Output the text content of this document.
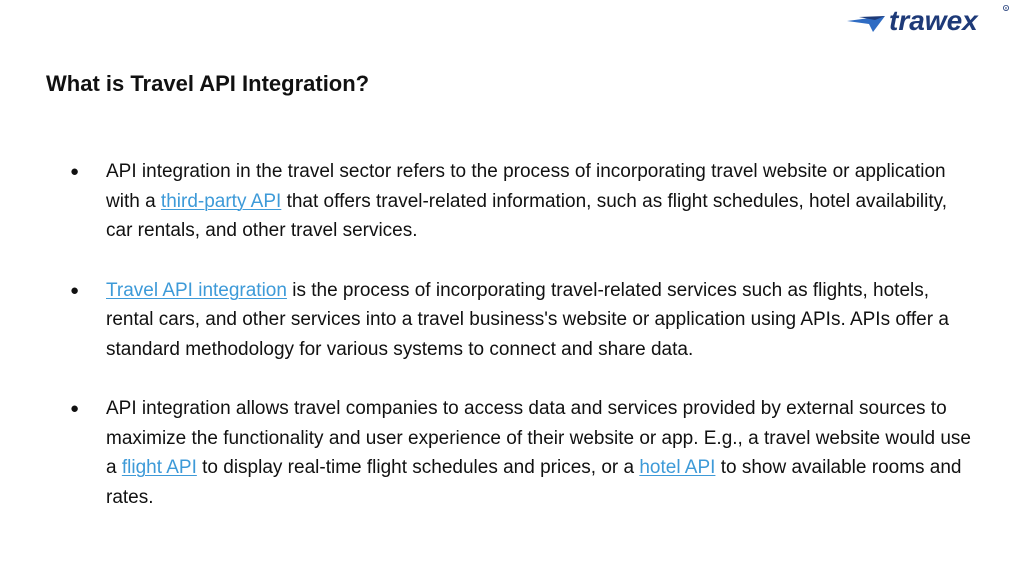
trawex	R
What is Travel API Integration?
● API integration in the travel sector refers to the process of incorporating travel website or application with a third-party API that offers travel-related information, such as flight schedules, hotel availability, car rentals, and other travel services.
● Travel API integration is the process of incorporating travel-related services such as flights, hotels, rental cars, and other services into a travel business's website or application using APIs. APIs offer a standard methodology for various systems to connect and share data.
● API integration allows travel companies to access data and services provided by external sources to maximize the functionality and user experience of their website or app. E.g., a travel website would use a flight API to display real-time flight schedules and prices, or a hotel API to show available rooms and rates.
